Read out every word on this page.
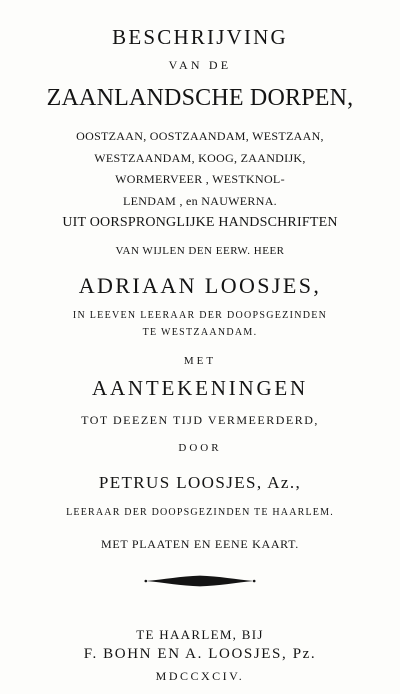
BESCHRIJVING
VAN DE
ZAANLANDSCHE DORPEN,
OOSTZAAN, OOSTZAANDAM, WESTZAAN,
WESTZAANDAM, KOOG, ZAANDIJK,
WORMERVEER , WESTKNOL-
LENDAM , en NAUWERNA.
UIT OORSPRONGLIJKE HANDSCHRIFTEN
VAN WIJLEN DEN EERW. HEER
ADRIAAN LOOSJES,
IN LEEVEN LEERAAR DER DOOPSGEZINDEN
TE WESTZAANDAM.
MET
AANTEKENINGEN
TOT DEEZEN TIJD VERMEERDERD,
DOOR
PETRUS LOOSJES, Az.,
LEERAAR DER DOOPSGEZINDEN TE HAARLEM.
MET PLAATEN EN EENE KAART.
TE HAARLEM, BIJ
F. BOHN EN A. LOOSJES, Pz.
MDCCXCIV.
